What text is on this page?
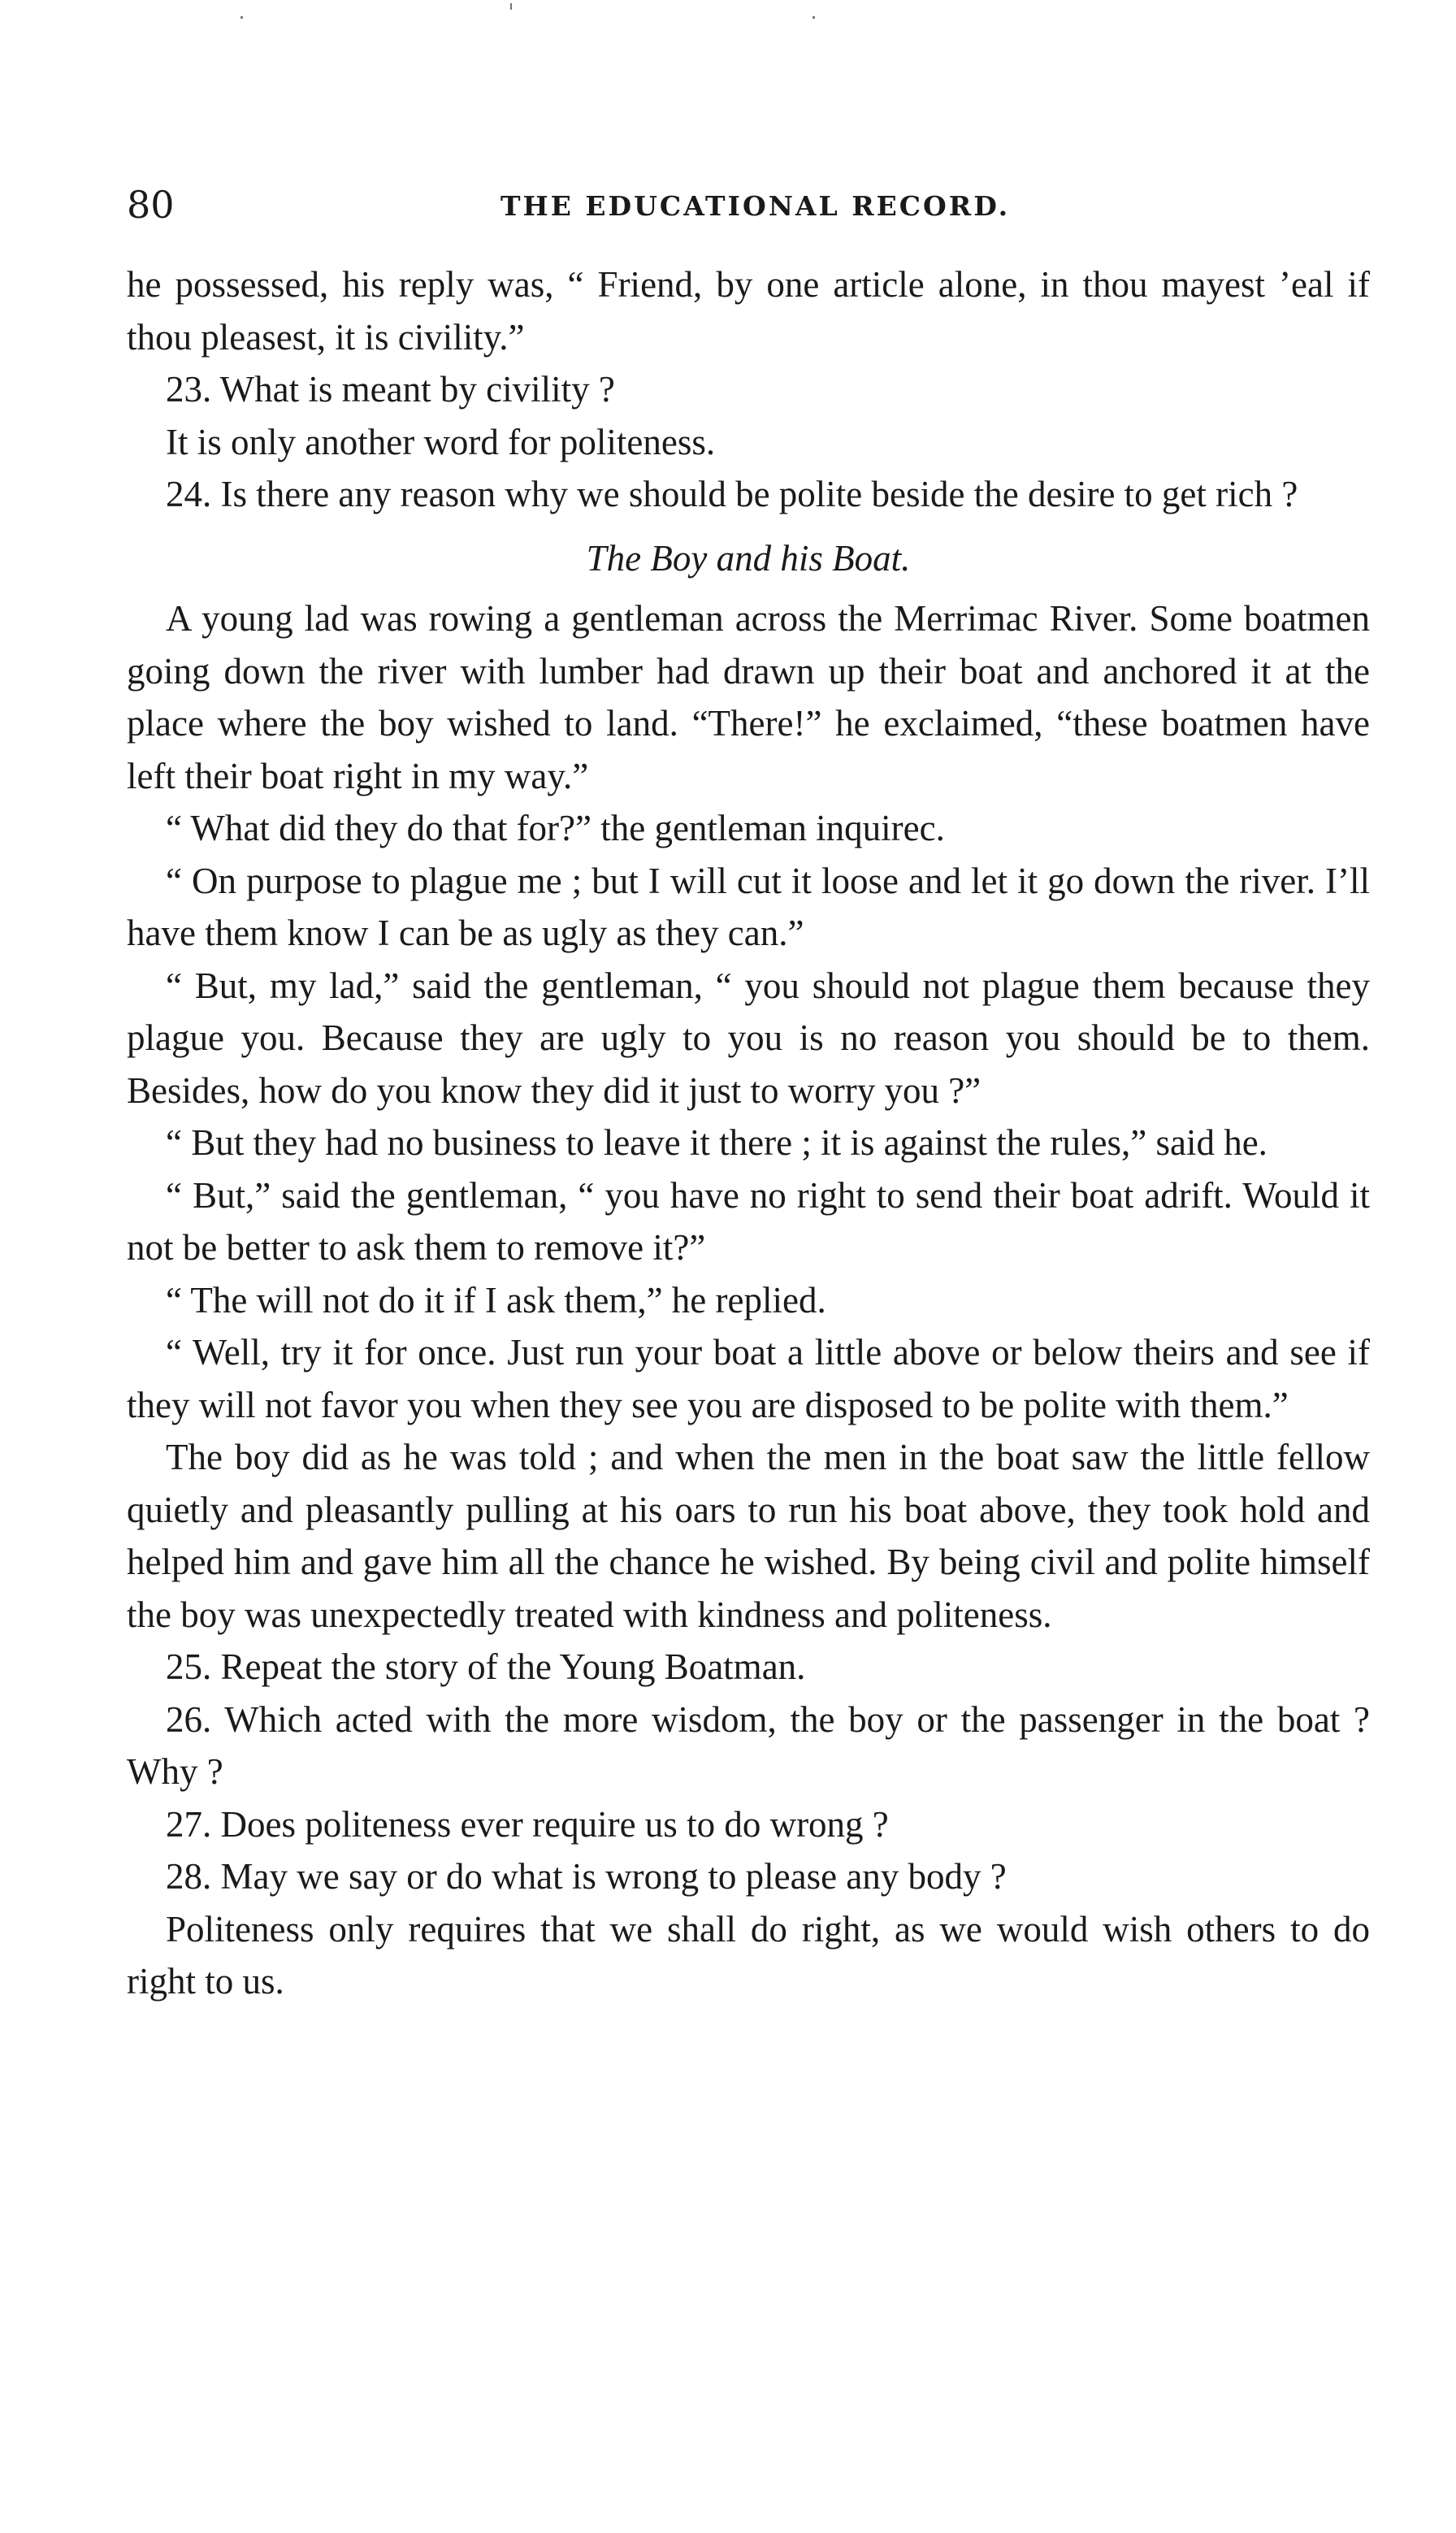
80	THE EDUCATIONAL RECORD.

he possessed, his reply was, “ Friend, by one article alone, in thou mayest ʼeal if thou pleasest, it is civility.”

23. What is meant by civility ?

It is only another word for politeness.

24. Is there any reason why we should be polite beside the desire to get rich ?

The Boy and his Boat.

A young lad was rowing a gentleman across the Merrimac River. Some boatmen going down the river with lumber had drawn up their boat and anchored it at the place where the boy wished to land. “There!” he exclaimed, “these boatmen have left their boat right in my way.”

“ What did they do that for?” the gentleman inquirec.

“ On purpose to plague me ; but I will cut it loose and let it go down the river. I’ll have them know I can be as ugly as they can.”

“ But, my lad,” said the gentleman, “ you should not plague them because they plague you. Because they are ugly to you is no reason you should be to them. Besides, how do you know they did it just to worry you ?”

“ But they had no business to leave it there ; it is against the rules,” said he.

“ But,” said the gentleman, “ you have no right to send their boat adrift. Would it not be better to ask them to remove it?”

“ The will not do it if I ask them,” he replied.

“ Well, try it for once. Just run your boat a little above or below theirs and see if they will not favor you when they see you are disposed to be polite with them.”

The boy did as he was told ; and when the men in the boat saw the little fellow quietly and pleasantly pulling at his oars to run his boat above, they took hold and helped him and gave him all the chance he wished. By being civil and polite himself the boy was unexpectedly treated with kindness and politeness.

25. Repeat the story of the Young Boatman.

26. Which acted with the more wisdom, the boy or the passenger in the boat ? Why ?

27. Does politeness ever require us to do wrong ?

28. May we say or do what is wrong to please any body ?

Politeness only requires that we shall do right, as we would wish others to do right to us.
